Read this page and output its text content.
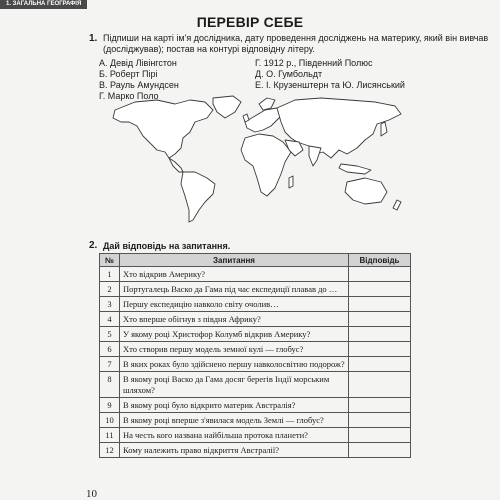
1. ЗАГАЛЬНА ГЕОГРАФІЯ
ПЕРЕВІР СЕБЕ
1. Підпиши на карті ім'я дослідника, дату проведення досліджень на материку, який він вивчав (досліджував); постав на контурі відповідну літеру.
А. Девід Лівінгстон
Б. Роберт Пірі
В. Рауль Амундсен
Г. Марко Поло
Г. 1912 р., Південний Полюс
Д. О. Гумбольдт
Е. І. Крузенштерн та Ю. Лисянський
2. Дай відповідь на запитання.
№	Запитання	Відповідь
1	Хто відкрив Америку?	
2	Португалець Васко да Гама під час експедиції плавав до …	
3	Першу експедицію навколо світу очолив…	
4	Хто вперше обігнув з півдня Африку?	
5	У якому році Христофор Колумб відкрив Америку?	
6	Хто створив першу модель земної кулі — глобус?	
7	В яких роках було здійснено першу навколосвітню подорож?	
8	В якому році Васко да Гама досяг берегів Індії морським шляхом?	
9	В якому році було відкрито материк Австралія?	
10	В якому році вперше з'явилася модель Землі — глобус?	
11	На честь кого названа найбільша протока планети?	
12	Кому належить право відкриття Австралії?	
10
